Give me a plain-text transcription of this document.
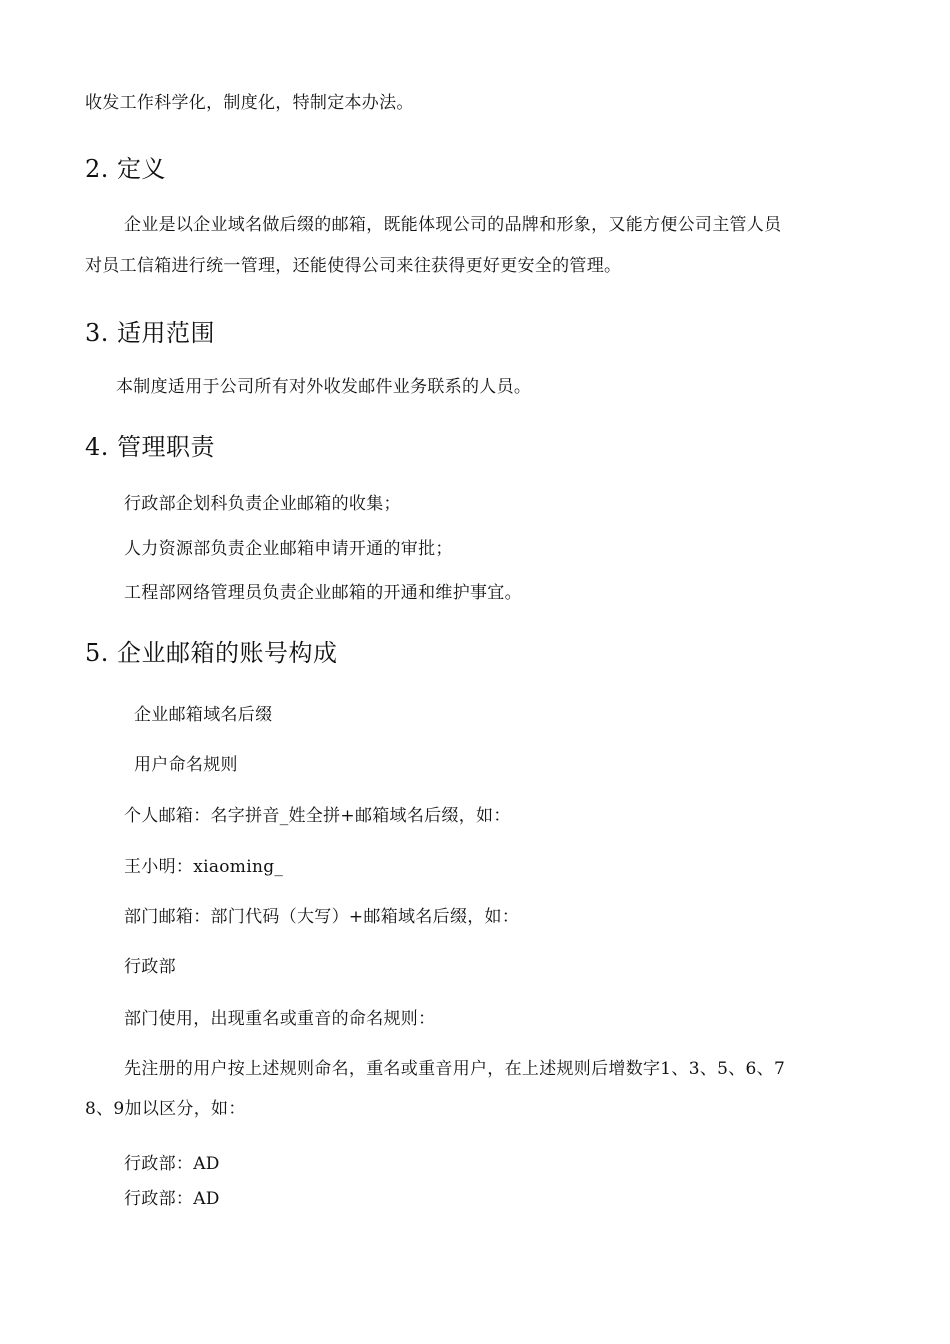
收发工作科学化，制度化，特制定本办法。
2. 定义
企业是以企业域名做后缀的邮箱，既能体现公司的品牌和形象，又能方便公司主管人员
对员工信箱进行统一管理，还能使得公司来往获得更好更安全的管理。
3. 适用范围
本制度适用于公司所有对外收发邮件业务联系的人员。
4. 管理职责
行政部企划科负责企业邮箱的收集；
人力资源部负责企业邮箱申请开通的审批；
工程部网络管理员负责企业邮箱的开通和维护事宜。
5. 企业邮箱的账号构成
企业邮箱域名后缀
用户命名规则
个人邮箱：名字拼音_姓全拼+邮箱域名后缀，如：
王小明：xiaoming_
部门邮箱：部门代码（大写）+邮箱域名后缀，如：
行政部
部门使用，出现重名或重音的命名规则：
先注册的用户按上述规则命名，重名或重音用户，在上述规则后增数字1、3、5、6、7
8、9加以区分，如：
行政部：AD
行政部：AD
